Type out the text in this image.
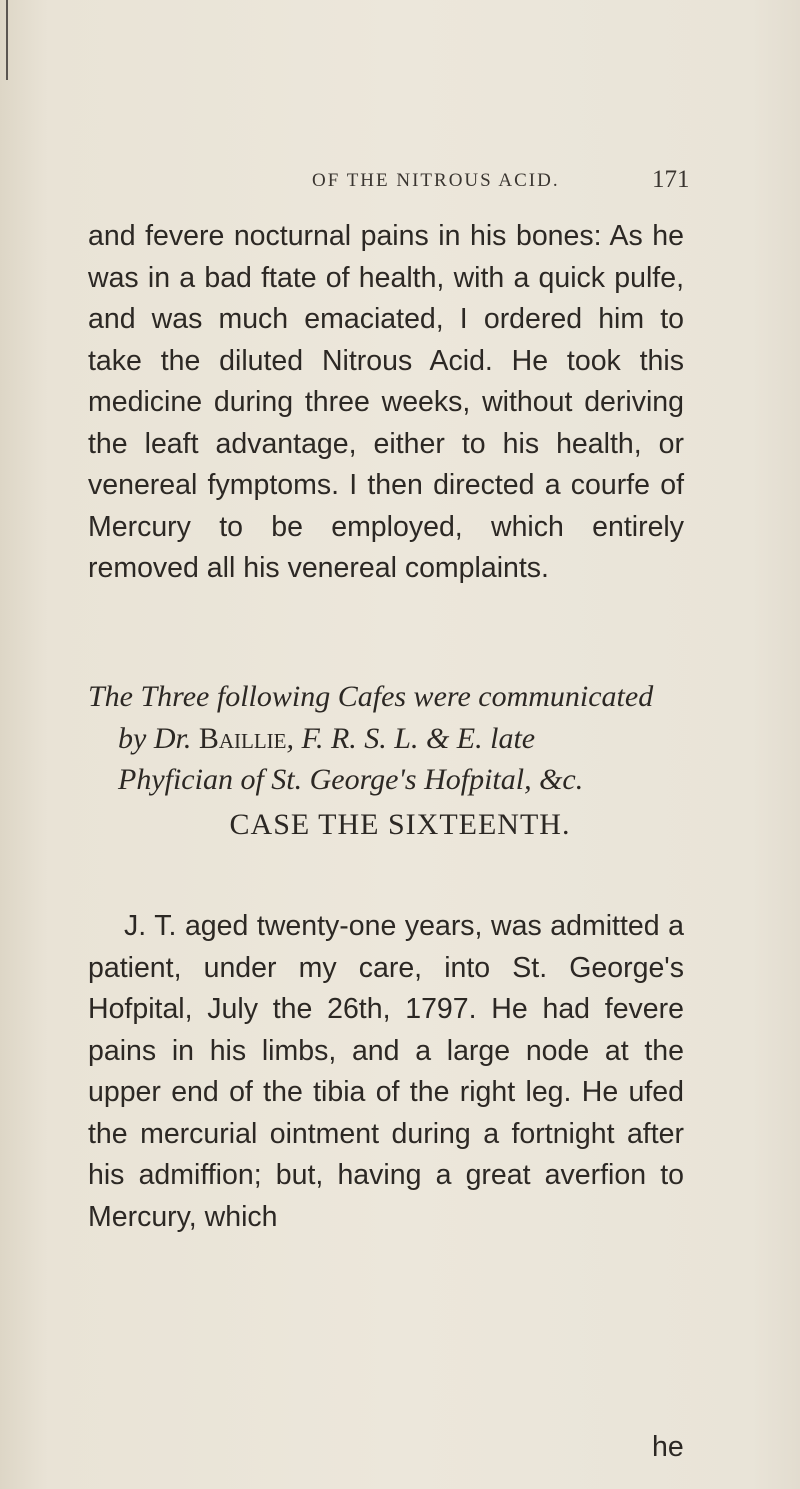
OF THE NITROUS ACID.	171

and fevere nocturnal pains in his bones: As he was in a bad ftate of health, with a quick pulfe, and was much emaciated, I ordered him to take the diluted Nitrous Acid. He took this medicine during three weeks, without deriving the leaft advantage, either to his health, or venereal fymptoms. I then directed a courfe of Mercury to be employed, which entirely removed all his venereal complaints.

The Three following Cafes were communicated
by Dr. Baillie, F. R. S. L. & E. late
Phyfician of St. George's Hofpital, &c.
CASE THE SIXTEENTH.

J. T. aged twenty-one years, was admitted a patient, under my care, into St. George's Hofpital, July the 26th, 1797. He had fevere pains in his limbs, and a large node at the upper end of the tibia of the right leg. He ufed the mercurial ointment during a fortnight after his admiffion; but, having a great averfion to Mercury, which

he
